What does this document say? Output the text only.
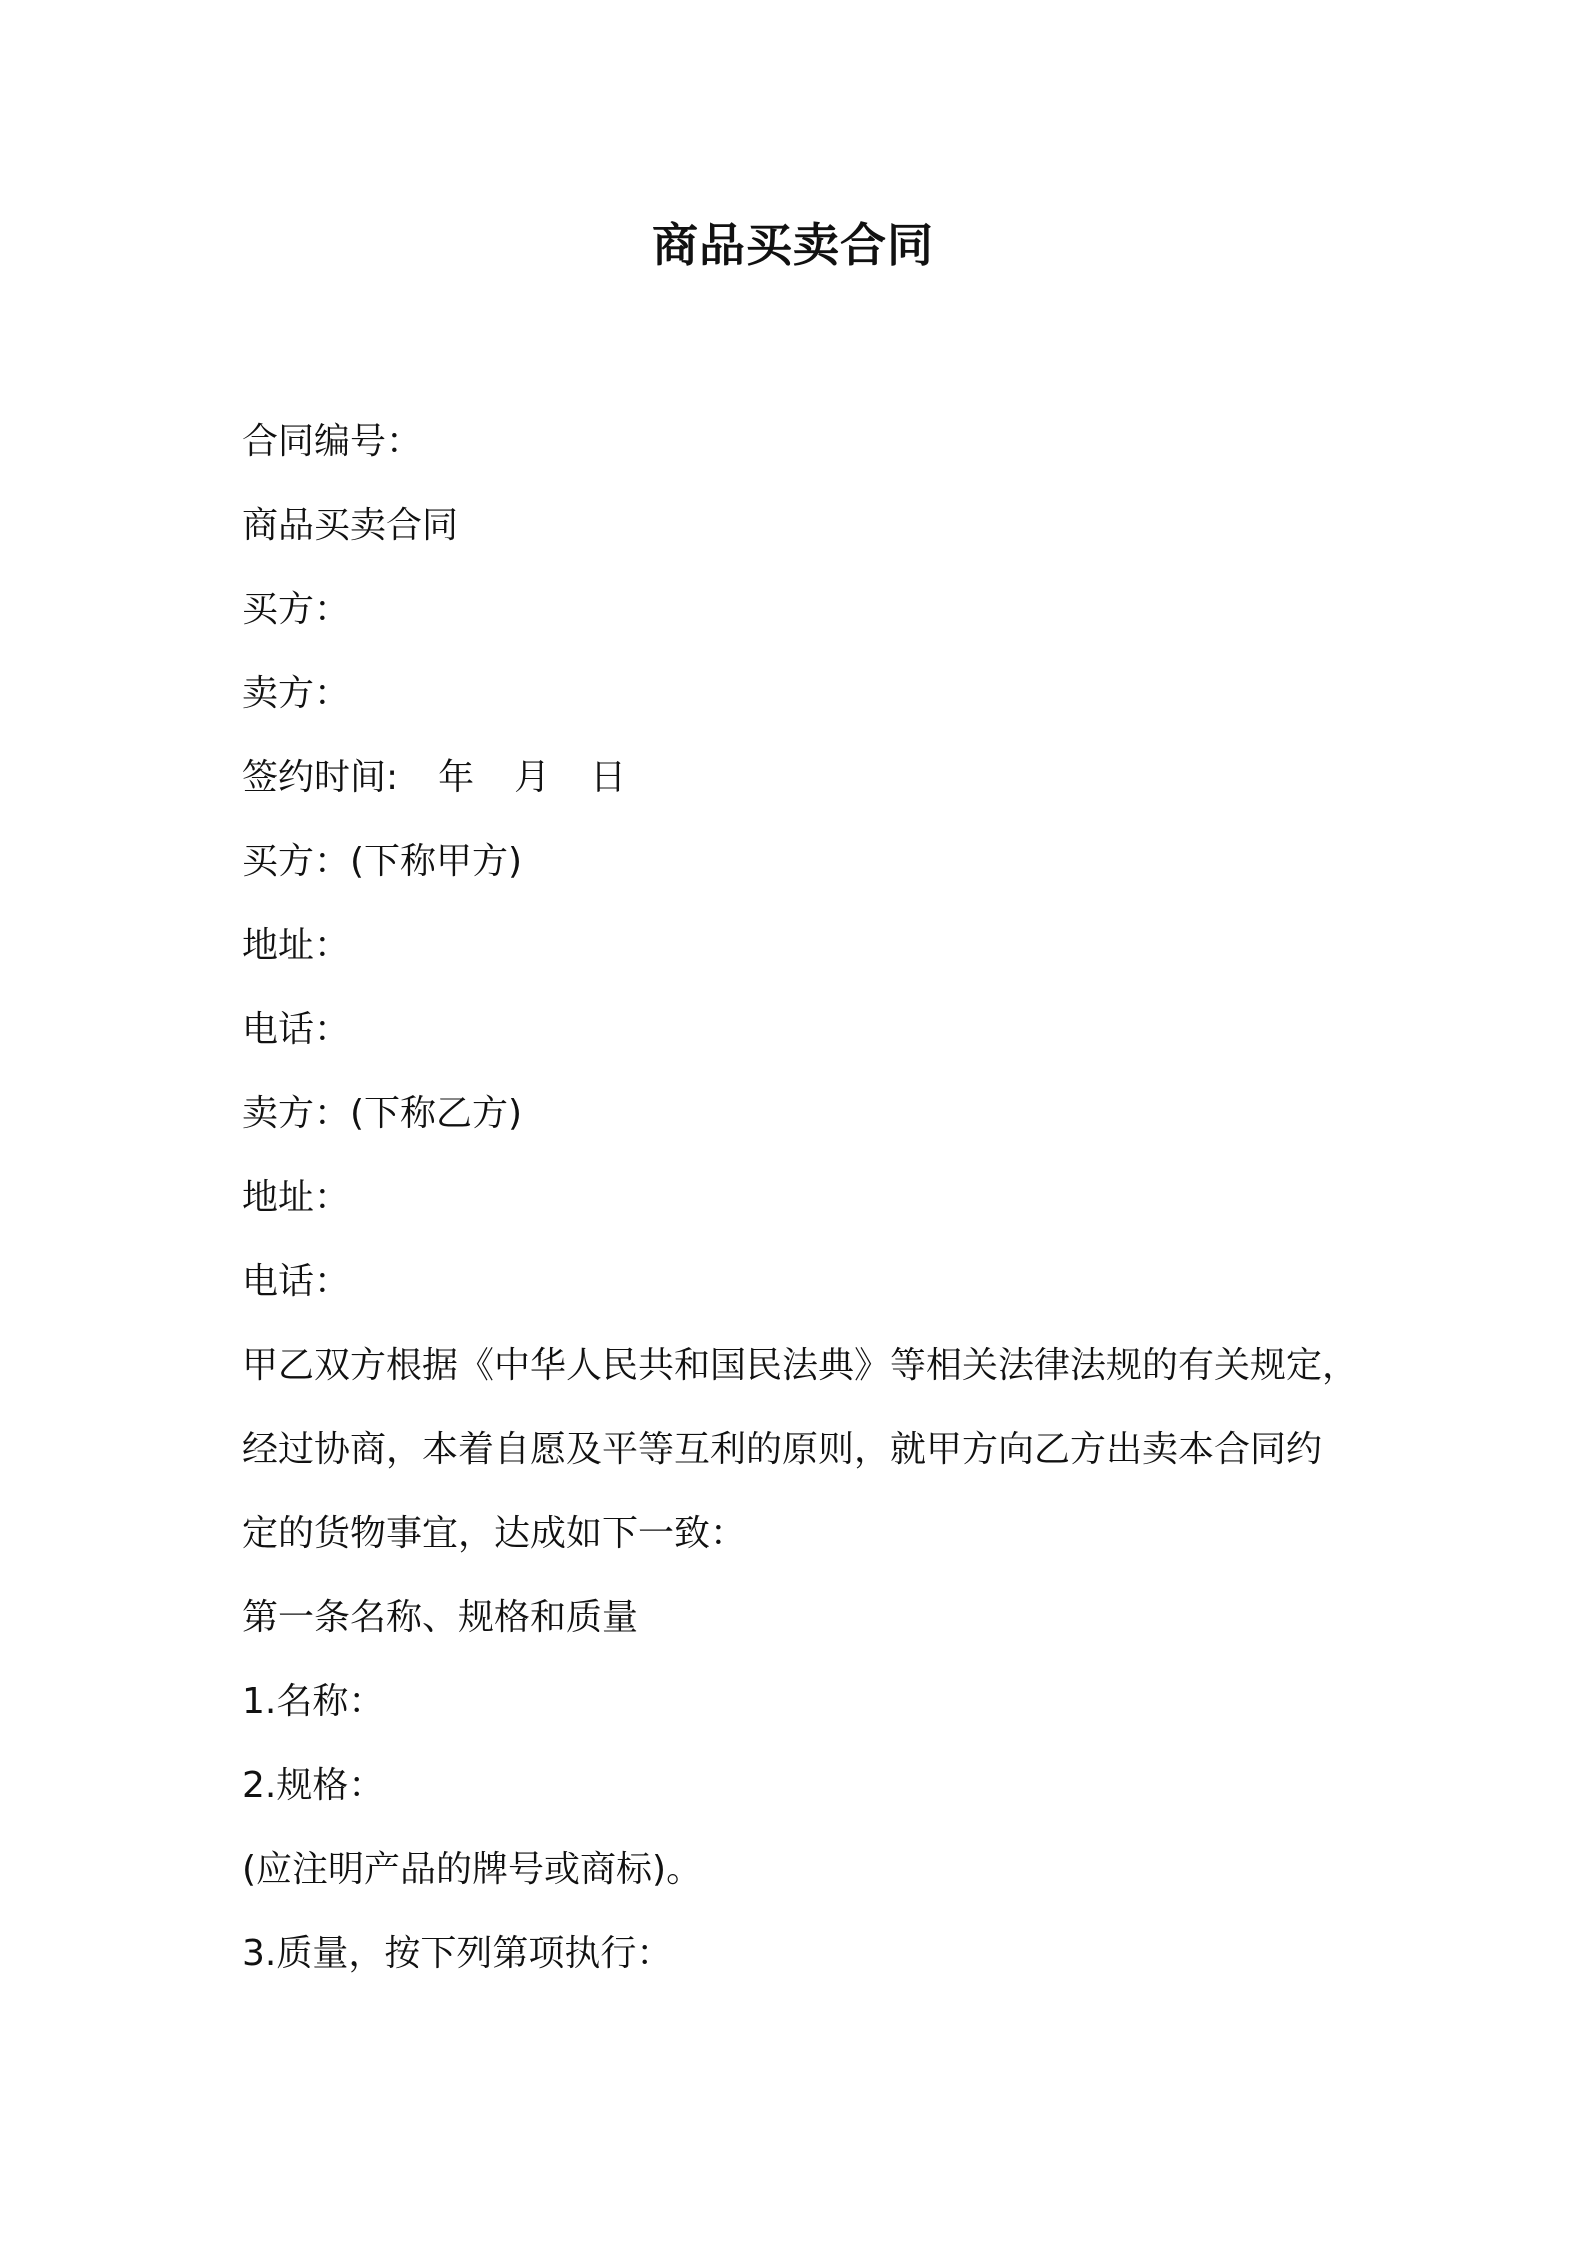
商品买卖合同
合同编号：
商品买卖合同
买方：
卖方：
签约时间: 年 月 日
买方：(下称甲方)
地址：
电话：
卖方：(下称乙方)
地址：
电话：
甲乙双方根据《中华人民共和国民法典》等相关法律法规的有关规定，
经过协商，本着自愿及平等互利的原则，就甲方向乙方出卖本合同约
定的货物事宜，达成如下一致：
第一条名称、规格和质量
1.名称：
2.规格：
(应注明产品的牌号或商标)。
3.质量，按下列第项执行：
